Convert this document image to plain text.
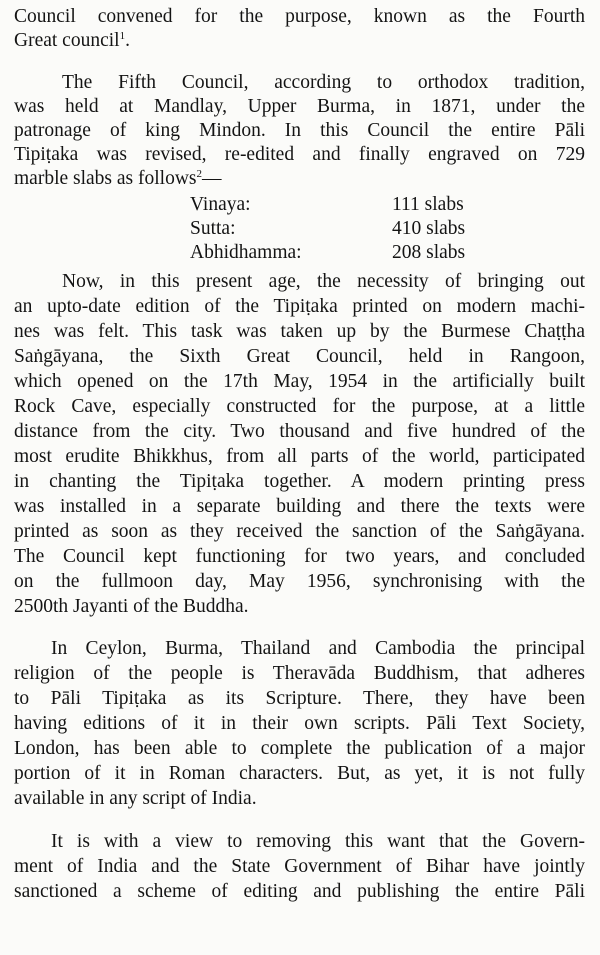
Council convened for the purpose, known as the Fourth
Great council$^1$.
The Fifth Council, according to orthodox tradition,
was held at Mandlay, Upper Burma, in 1871, under the
patronage of king Mindon. In this Council the entire Pāli
Tipiṭaka was revised, re-edited and finally engraved on 729
marble slabs as follows$^2$—
Vinaya:	111 slabs
Sutta:	410 slabs
Abhidhamma:	208 slabs
Now, in this present age, the necessity of bringing out
an upto-date edition of the Tipiṭaka printed on modern machi-
nes was felt. This task was taken up by the Burmese Chaṭṭha
Saṅgāyana, the Sixth Great Council, held in Rangoon,
which opened on the 17th May, 1954 in the artificially built
Rock Cave, especially constructed for the purpose, at a little
distance from the city. Two thousand and five hundred of the
most erudite Bhikkhus, from all parts of the world, participated
in chanting the Tipiṭaka together. A modern printing press
was installed in a separate building and there the texts were
printed as soon as they received the sanction of the Saṅgāyana.
The Council kept functioning for two years, and concluded
on the fullmoon day, May 1956, synchronising with the
2500th Jayanti of the Buddha.
In Ceylon, Burma, Thailand and Cambodia the principal
religion of the people is Theravāda Buddhism, that adheres
to Pāli Tipiṭaka as its Scripture. There, they have been
having editions of it in their own scripts. Pāli Text Society,
London, has been able to complete the publication of a major
portion of it in Roman characters. But, as yet, it is not fully
available in any script of India.
It is with a view to removing this want that the Govern-
ment of India and the State Government of Bihar have jointly
sanctioned a scheme of editing and publishing the entire Pāli
